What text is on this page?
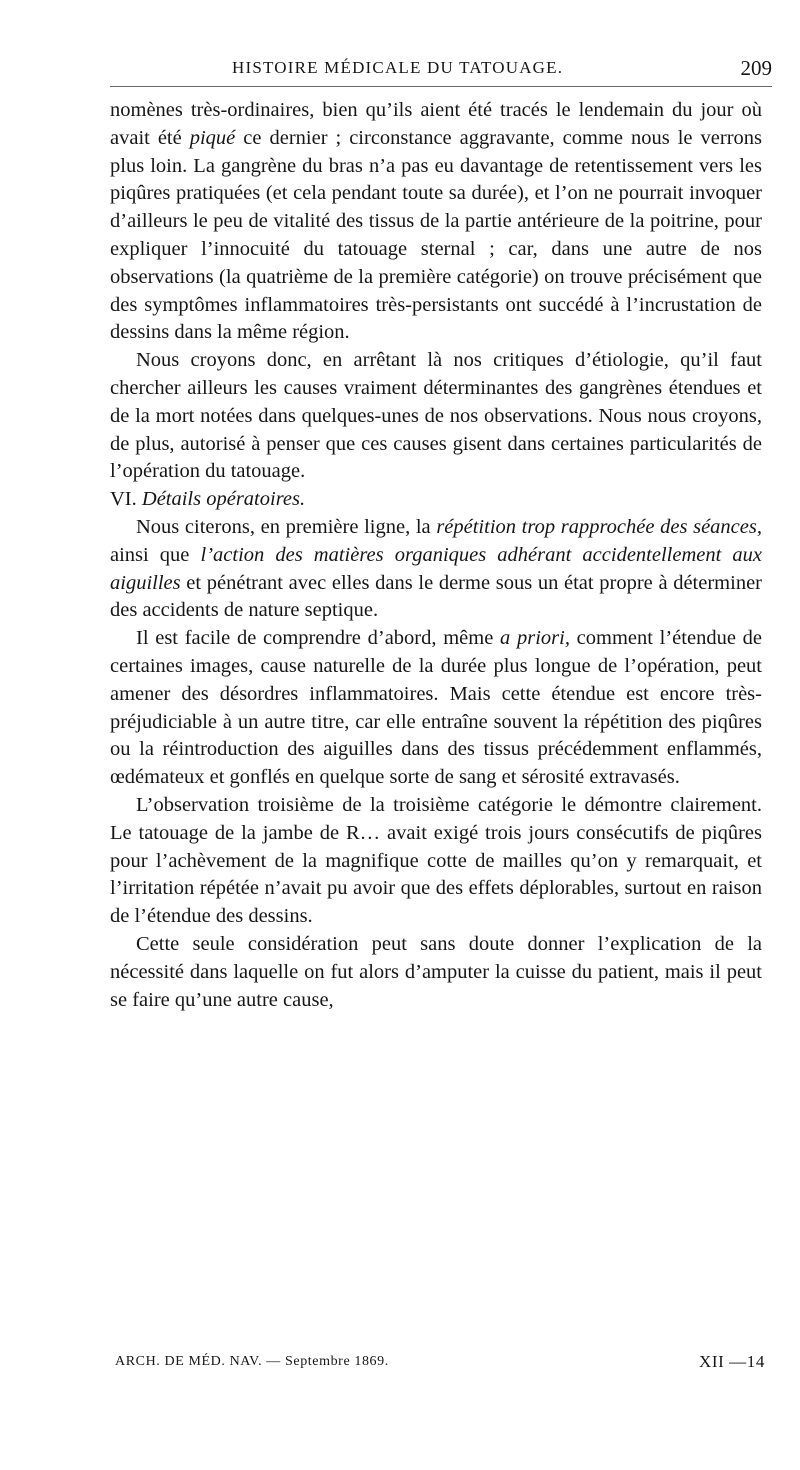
HISTOIRE MÉDICALE DU TATOUAGE.	209

nomènes très-ordinaires, bien qu’ils aient été tracés le lendemain du jour où avait été piqué ce dernier ; circonstance aggravante, comme nous le verrons plus loin. La gangrène du bras n’a pas eu davantage de retentissement vers les piqûres pratiquées (et cela pendant toute sa durée), et l’on ne pourrait invoquer d’ailleurs le peu de vitalité des tissus de la partie antérieure de la poitrine, pour expliquer l’innocuité du tatouage sternal ; car, dans une autre de nos observations (la quatrième de la première catégorie) on trouve précisément que des symptômes inflammatoires très-persistants ont succédé à l’incrustation de dessins dans la même région.

Nous croyons donc, en arrêtant là nos critiques d’étiologie, qu’il faut chercher ailleurs les causes vraiment déterminantes des gangrènes étendues et de la mort notées dans quelques-unes de nos observations. Nous nous croyons, de plus, autorisé à penser que ces causes gisent dans certaines particularités de l’opération du tatouage.

VI. Détails opératoires.

Nous citerons, en première ligne, la répétition trop rapprochée des séances, ainsi que l’action des matières organiques adhérant accidentellement aux aiguilles et pénétrant avec elles dans le derme sous un état propre à déterminer des accidents de nature septique.

Il est facile de comprendre d’abord, même a priori, comment l’étendue de certaines images, cause naturelle de la durée plus longue de l’opération, peut amener des désordres inflammatoires. Mais cette étendue est encore très-préjudiciable à un autre titre, car elle entraîne souvent la répétition des piqûres ou la réintroduction des aiguilles dans des tissus précédemment enflammés, œdémateux et gonflés en quelque sorte de sang et sérosité extravasés.

L’observation troisième de la troisième catégorie le démontre clairement. Le tatouage de la jambe de R… avait exigé trois jours consécutifs de piqûres pour l’achèvement de la magnifique cotte de mailles qu’on y remarquait, et l’irritation répétée n’avait pu avoir que des effets déplorables, surtout en raison de l’étendue des dessins.

Cette seule considération peut sans doute donner l’explication de la nécessité dans laquelle on fut alors d’amputer la cuisse du patient, mais il peut se faire qu’une autre cause,

ARCH. DE MÉD. NAV. — Septembre 1869.	XII —14
